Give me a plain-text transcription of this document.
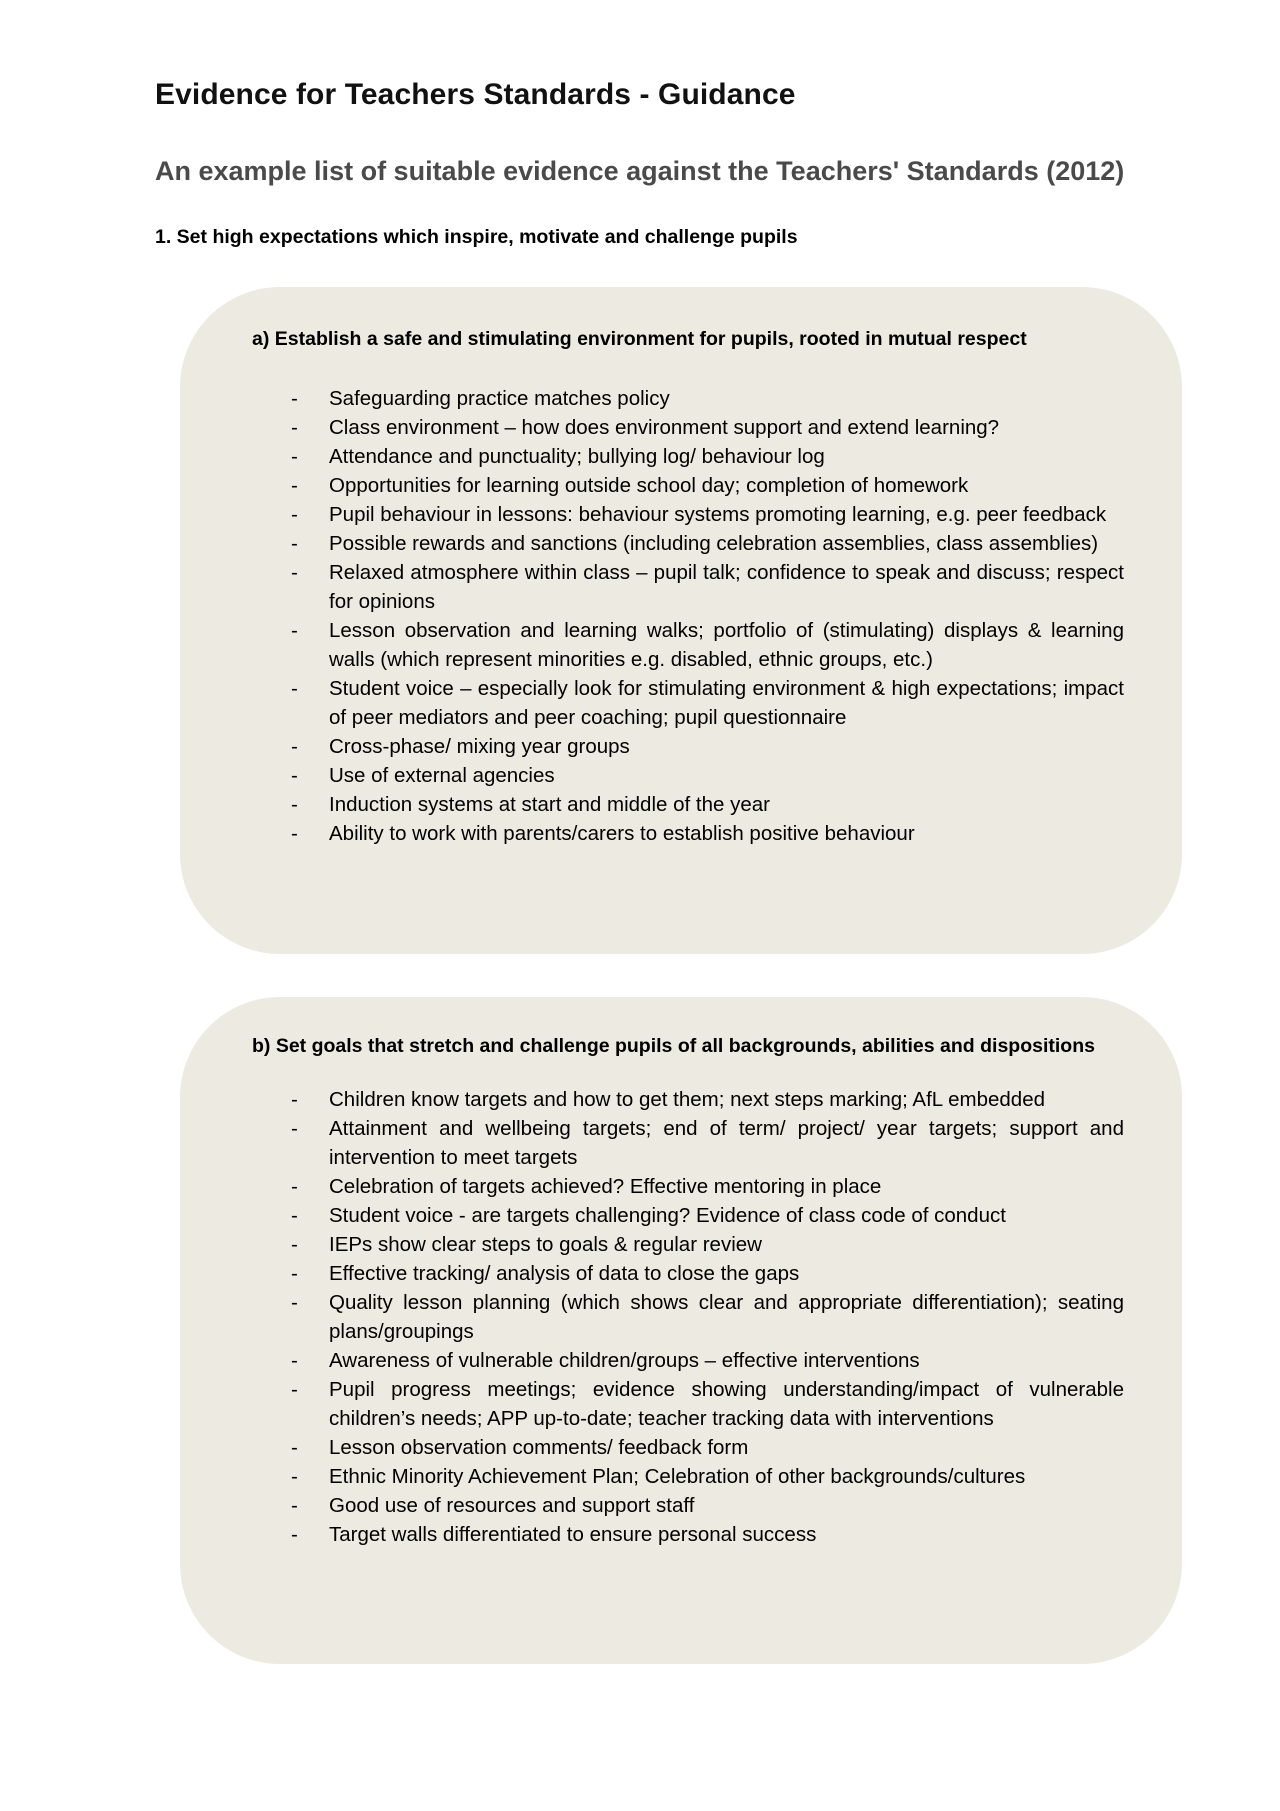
Evidence for Teachers Standards - Guidance
An example list of suitable evidence against the Teachers' Standards (2012)
1. Set high expectations which inspire, motivate and challenge pupils
a) Establish a safe and stimulating environment for pupils, rooted in mutual respect
- Safeguarding practice matches policy
- Class environment – how does environment support and extend learning?
- Attendance and punctuality; bullying log/ behaviour log
- Opportunities for learning outside school day; completion of homework
- Pupil behaviour in lessons: behaviour systems promoting learning, e.g. peer feedback
- Possible rewards and sanctions (including celebration assemblies, class assemblies)
- Relaxed atmosphere within class – pupil talk; confidence to speak and discuss; respect for opinions
- Lesson observation and learning walks; portfolio of (stimulating) displays & learning walls (which represent minorities e.g. disabled, ethnic groups, etc.)
- Student voice – especially look for stimulating environment & high expectations; impact of peer mediators and peer coaching; pupil questionnaire
- Cross-phase/ mixing year groups
- Use of external agencies
- Induction systems at start and middle of the year
- Ability to work with parents/carers to establish positive behaviour
b) Set goals that stretch and challenge pupils of all backgrounds, abilities and dispositions
- Children know targets and how to get them; next steps marking; AfL embedded
- Attainment and wellbeing targets; end of term/ project/ year targets; support and intervention to meet targets
- Celebration of targets achieved? Effective mentoring in place
- Student voice - are targets challenging? Evidence of class code of conduct
- IEPs show clear steps to goals & regular review
- Effective tracking/ analysis of data to close the gaps
- Quality lesson planning (which shows clear and appropriate differentiation); seating plans/groupings
- Awareness of vulnerable children/groups – effective interventions
- Pupil progress meetings; evidence showing understanding/impact of vulnerable children’s needs; APP up-to-date; teacher tracking data with interventions
- Lesson observation comments/ feedback form
- Ethnic Minority Achievement Plan; Celebration of other backgrounds/cultures
- Good use of resources and support staff
- Target walls differentiated to ensure personal success
